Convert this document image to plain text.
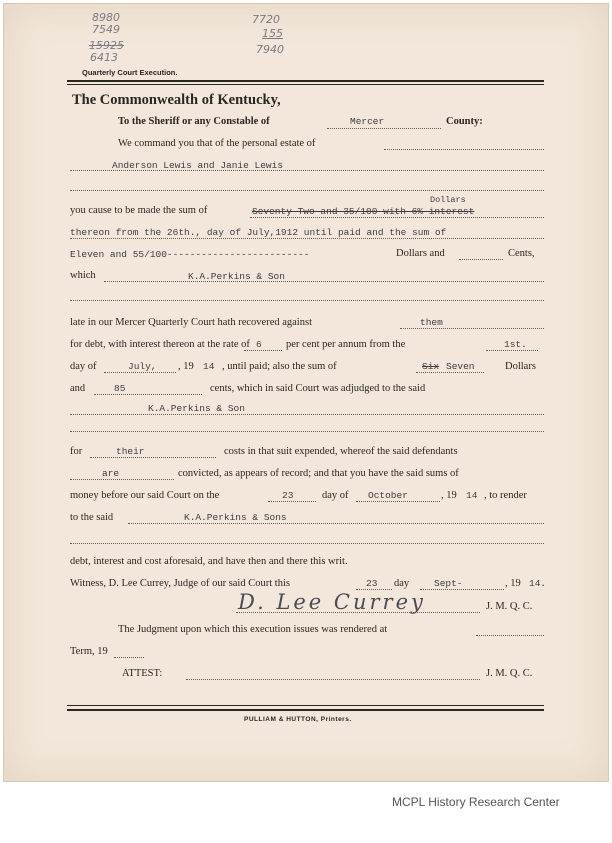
8980
7549
15925
6413
7720
155
7940
Quarterly Court Execution.
The Commonwealth of Kentucky,
To the Sheriff or any Constable of	Mercer	County:
We command you that of the personal estate of
Anderson Lewis and Janie Lewis
you cause to be made the sum of
Dollars
Seventy Two and 35/100 with 6% interest
thereon from the 26th., day of July,1912 until paid and the sum of
Eleven and 55/100-------------------------	Dollars and	Cents,
which	K.A.Perkins & Son
late in our Mercer Quarterly Court hath recovered against	them
for debt, with interest thereon at the rate of 6 per cent per annum from the	1st.
day of	July, , 19 14 , until paid; also the sum of	Six Seven	Dollars
and	85	cents, which in said Court was adjudged to the said
K.A.Perkins & Son
for	their	costs in that suit expended, whereof the said defendants
are	convicted, as appears of record; and that you have the said sums of
money before our said Court on the	23	day of October	, 19 14 , to render
to the said	K.A.Perkins & Sons
debt, interest and cost aforesaid, and have then and there this writ.
Witness, D. Lee Currey, Judge of our said Court this	23 day	Sept-	, 19 14.
D. Lee Currey	J. M. Q. C.
The Judgment upon which this execution issues was rendered at
Term, 19
ATTEST:	J. M. Q. C.
PULLIAM & HUTTON, Printers.
MCPL History Research Center
